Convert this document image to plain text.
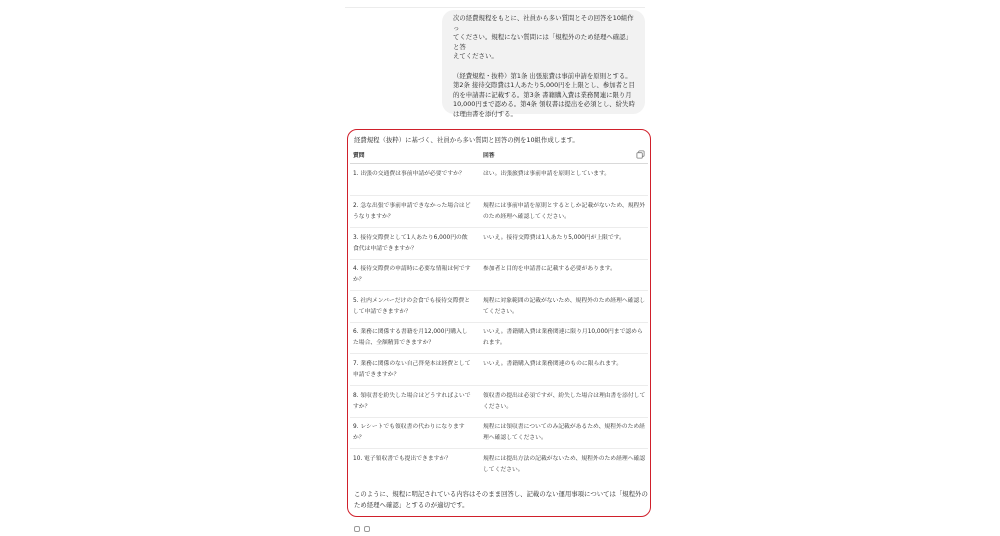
次の経費規程をもとに、社員から多い質問とその回答を10組作っ

てください。規程にない質問には「規程外のため経理へ確認」と答

えてください。

（経費規程・抜粋）第1条 出張旅費は事前申請を原則とする。

第2条 接待交際費は1人あたり5,000円を上限とし、参加者と目

的を申請書に記載する。第3条 書籍購入費は業務関連に限り月

10,000円まで認める。第4条 領収書は提出を必須とし、紛失時

は理由書を添付する。

経費規程（抜粋）に基づく、社員から多い質問と回答の例を10組作成します。
質問	回答
1. 出張の交通費は事前申請が必要ですか？	はい。出張旅費は事前申請を原則としています。
2. 急な出張で事前申請できなかった場合はどうなりますか？
規程には事前申請を原則とするとしか記載がないため、規程外のため経理へ確認してください。
3. 接待交際費として1人あたり6,000円の飲食代は申請できますか？
いいえ。接待交際費は1人あたり5,000円が上限です。
4. 接待交際費の申請時に必要な情報は何ですか？
参加者と目的を申請書に記載する必要があります。
5. 社内メンバーだけの会食でも接待交際費として申請できますか？
規程に対象範囲の記載がないため、規程外のため経理へ確認してください。
6. 業務に関係する書籍を月12,000円購入した場合、全額精算できますか？
いいえ。書籍購入費は業務関連に限り月10,000円まで認められます。
7. 業務に関係のない自己啓発本は経費として申請できますか？
いいえ。書籍購入費は業務関連のものに限られます。
8. 領収書を紛失した場合はどうすればよいですか？
領収書の提出は必須ですが、紛失した場合は理由書を添付してください。
9. レシートでも領収書の代わりになりますか？
規程には領収書についてのみ記載があるため、規程外のため経理へ確認してください。
10. 電子領収書でも提出できますか？	規程には提出方法の記載がないため、規程外のため経理へ確認してください。
このように、規程に明記されている内容はそのまま回答し、記載のない運用事項については「規程外のため経理へ確認」とするのが適切です。
